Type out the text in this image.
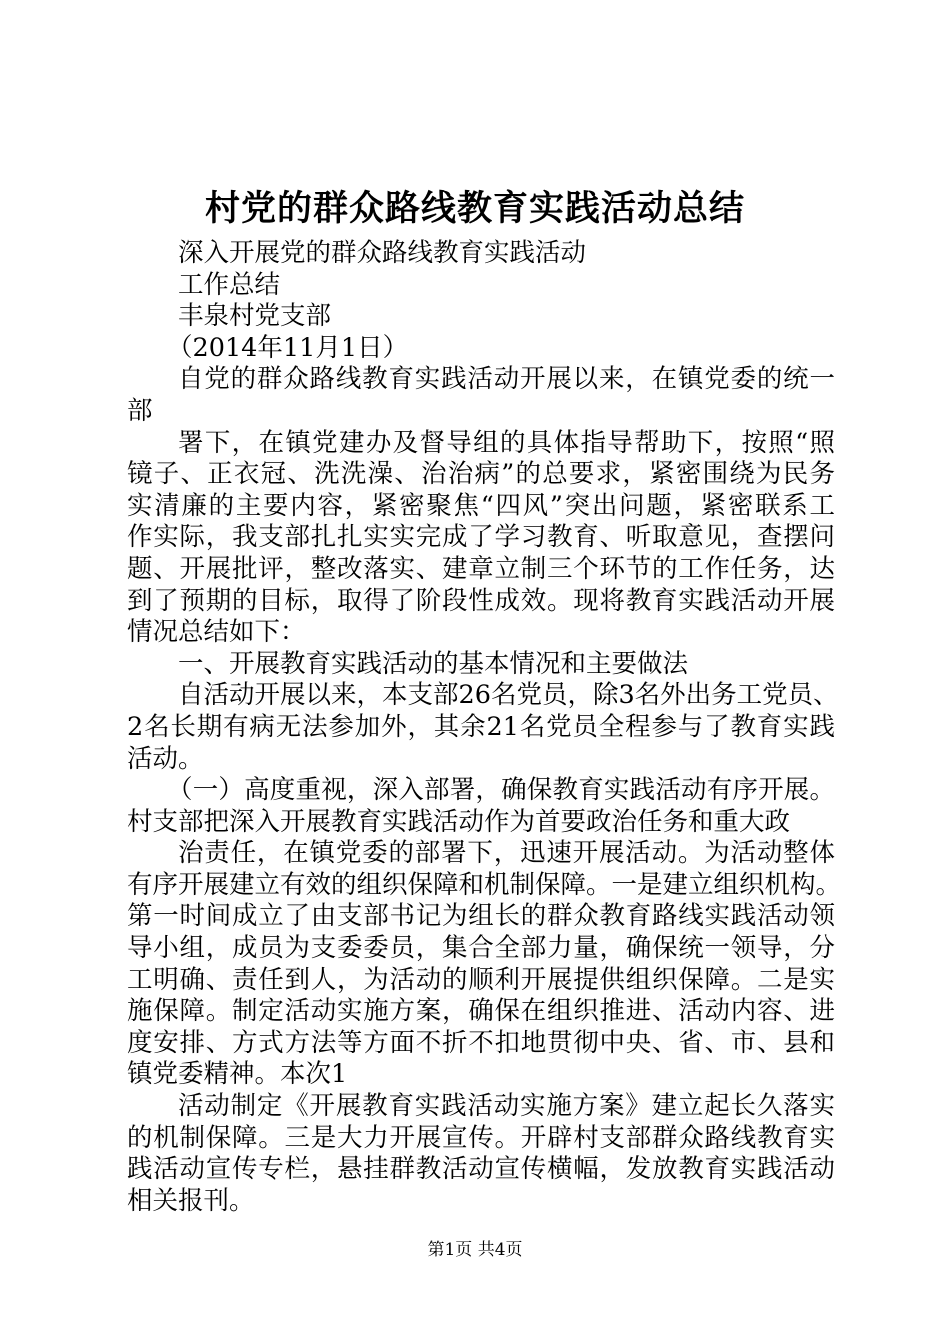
村党的群众路线教育实践活动总结
深入开展党的群众路线教育实践活动
工作总结
丰泉村党支部
（2014年11月1日）
自党的群众路线教育实践活动开展以来，在镇党委的统一
部
署下，在镇党建办及督导组的具体指导帮助下，按照“照
镜子、正衣冠、洗洗澡、治治病”的总要求，紧密围绕为民务
实清廉的主要内容，紧密聚焦“四风”突出问题，紧密联系工
作实际，我支部扎扎实实完成了学习教育、听取意见，查摆问
题、开展批评，整改落实、建章立制三个环节的工作任务，达
到了预期的目标，取得了阶段性成效。现将教育实践活动开展
情况总结如下：
一、开展教育实践活动的基本情况和主要做法
自活动开展以来，本支部26名党员，除3名外出务工党员、
2名长期有病无法参加外，其余21名党员全程参与了教育实践
活动。
（一）高度重视，深入部署，确保教育实践活动有序开展。
村支部把深入开展教育实践活动作为首要政治任务和重大政
治责任，在镇党委的部署下，迅速开展活动。为活动整体
有序开展建立有效的组织保障和机制保障。一是建立组织机构。
第一时间成立了由支部书记为组长的群众教育路线实践活动领
导小组，成员为支委委员，集合全部力量，确保统一领导，分
工明确、责任到人，为活动的顺利开展提供组织保障。二是实
施保障。制定活动实施方案，确保在组织推进、活动内容、进
度安排、方式方法等方面不折不扣地贯彻中央、省、市、县和
镇党委精神。本次1
活动制定《开展教育实践活动实施方案》建立起长久落实
的机制保障。三是大力开展宣传。开辟村支部群众路线教育实
践活动宣传专栏，悬挂群教活动宣传横幅，发放教育实践活动
相关报刊。
第1页 共4页
